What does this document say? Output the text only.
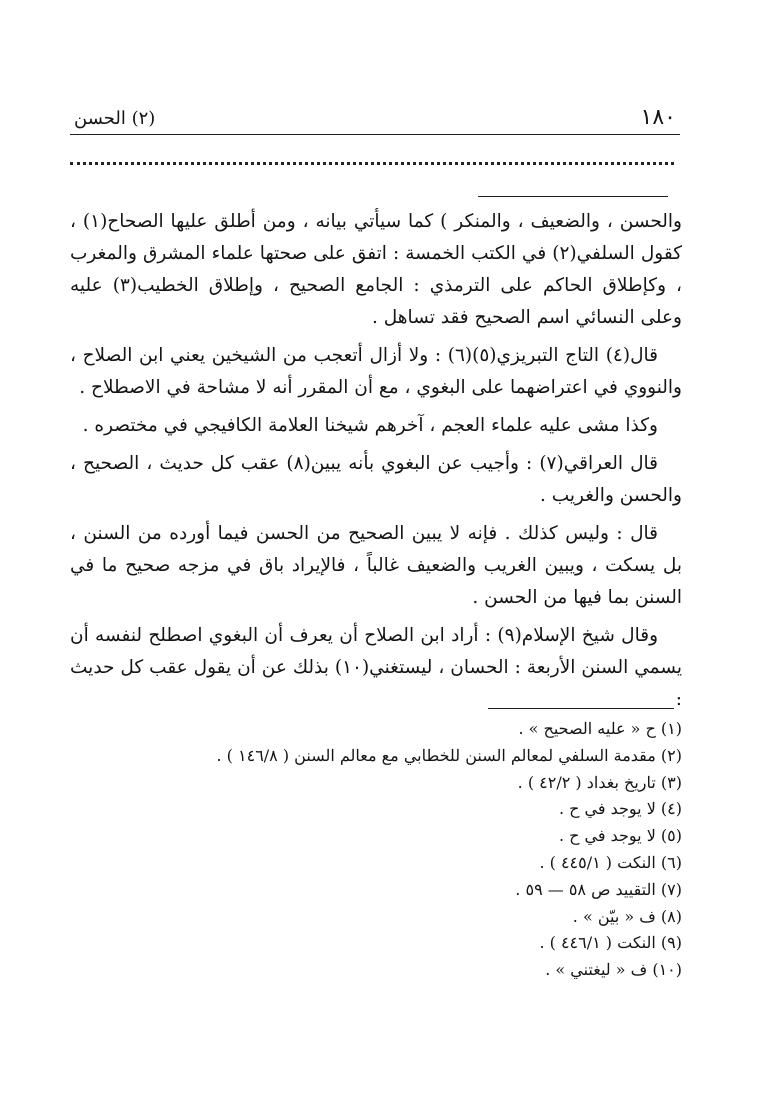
١٨٠
(٢) الحسن

والحسن ، والضعيف ، والمنكر ) كما سيأتي بيانه ، ومن أطلق عليها الصحاح(١) ، كقول السلفي(٢) في الكتب الخمسة : اتفق على صحتها علماء المشرق والمغرب ، وكإطلاق الحاكم على الترمذي : الجامع الصحيح ، وإطلاق الخطيب(٣) عليه وعلى النسائي اسم الصحيح فقد تساهل .

قال(٤) التاج التبريزي(٥)(٦) : ولا أزال أتعجب من الشيخين يعني ابن الصلاح ، والنووي في اعتراضهما على البغوي ، مع أن المقرر أنه لا مشاحة في الاصطلاح .

وكذا مشى عليه علماء العجم ، آخرهم شيخنا العلامة الكافيجي في مختصره .

قال العراقي(٧) : وأجيب عن البغوي بأنه يبين(٨) عقب كل حديث ، الصحيح ، والحسن والغريب .

قال : وليس كذلك . فإنه لا يبين الصحيح من الحسن فيما أورده من السنن ، بل يسكت ، ويبين الغريب والضعيف غالباً ، فالإيراد باق في مزجه صحيح ما في السنن بما فيها من الحسن .

وقال شيخ الإسلام(٩) : أراد ابن الصلاح أن يعرف أن البغوي اصطلح لنفسه أن يسمي السنن الأربعة : الحسان ، ليستغني(١٠) بذلك عن أن يقول عقب كل حديث :

(١) ح « عليه الصحيح » .
(٢) مقدمة السلفي لمعالم السنن للخطابي مع معالم السنن ( ١٤٦/٨ ) .
(٣) تاريخ بغداد ( ٤٢/٢ ) .
(٤) لا يوجد في ح .
(٥) لا يوجد في ح .
(٦) النكت ( ٤٤٥/١ ) .
(٧) التقييد ص ٥٨ — ٥٩ .
(٨) ف « بيّن » .
(٩) النكت ( ٤٤٦/١ ) .
(١٠) ف « ليغتني » .
